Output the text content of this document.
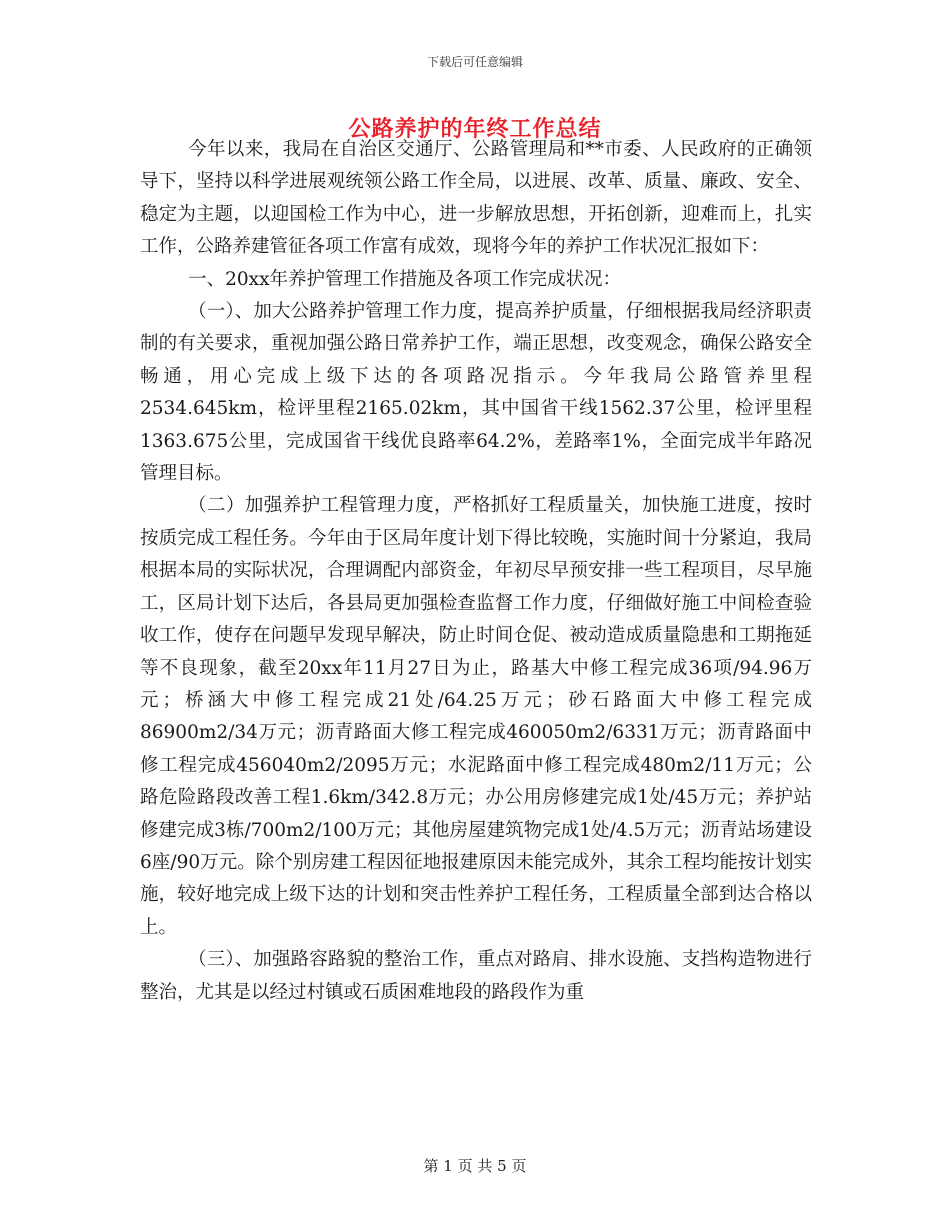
下载后可任意编辑
公路养护的年终工作总结

今年以来，我局在自治区交通厅、公路管理局和**市委、人民政府的正确领导下，坚持以科学进展观统领公路工作全局，以进展、改革、质量、廉政、安全、稳定为主题，以迎国检工作为中心，进一步解放思想，开拓创新，迎难而上，扎实工作，公路养建管征各项工作富有成效，现将今年的养护工作状况汇报如下：

一、20xx年养护管理工作措施及各项工作完成状况：

（一）、加大公路养护管理工作力度，提高养护质量，仔细根据我局经济职责制的有关要求，重视加强公路日常养护工作，端正思想，改变观念，确保公路安全畅通，用心完成上级下达的各项路况指示。今年我局公路管养里程2534.645km，检评里程2165.02km，其中国省干线1562.37公里，检评里程1363.675公里，完成国省干线优良路率64.2%，差路率1%，全面完成半年路况管理目标。

（二）加强养护工程管理力度，严格抓好工程质量关，加快施工进度，按时按质完成工程任务。今年由于区局年度计划下得比较晚，实施时间十分紧迫，我局根据本局的实际状况，合理调配内部资金，年初尽早预安排一些工程项目，尽早施工，区局计划下达后，各县局更加强检查监督工作力度，仔细做好施工中间检查验收工作，使存在问题早发现早解决，防止时间仓促、被动造成质量隐患和工期拖延等不良现象，截至20xx年11月27日为止，路基大中修工程完成36项/94.96万元；桥涵大中修工程完成21处/64.25万元；砂石路面大中修工程完成86900m2/34万元；沥青路面大修工程完成460050m2/6331万元；沥青路面中修工程完成456040m2/2095万元；水泥路面中修工程完成480m2/11万元；公路危险路段改善工程1.6km/342.8万元；办公用房修建完成1处/45万元；养护站修建完成3栋/700m2/100万元；其他房屋建筑物完成1处/4.5万元；沥青站场建设6座/90万元。除个别房建工程因征地报建原因未能完成外，其余工程均能按计划实施，较好地完成上级下达的计划和突击性养护工程任务，工程质量全部到达合格以上。

（三）、加强路容路貌的整治工作，重点对路肩、排水设施、支挡构造物进行整治，尤其是以经过村镇或石质困难地段的路段作为重

第 1 页 共 5 页
